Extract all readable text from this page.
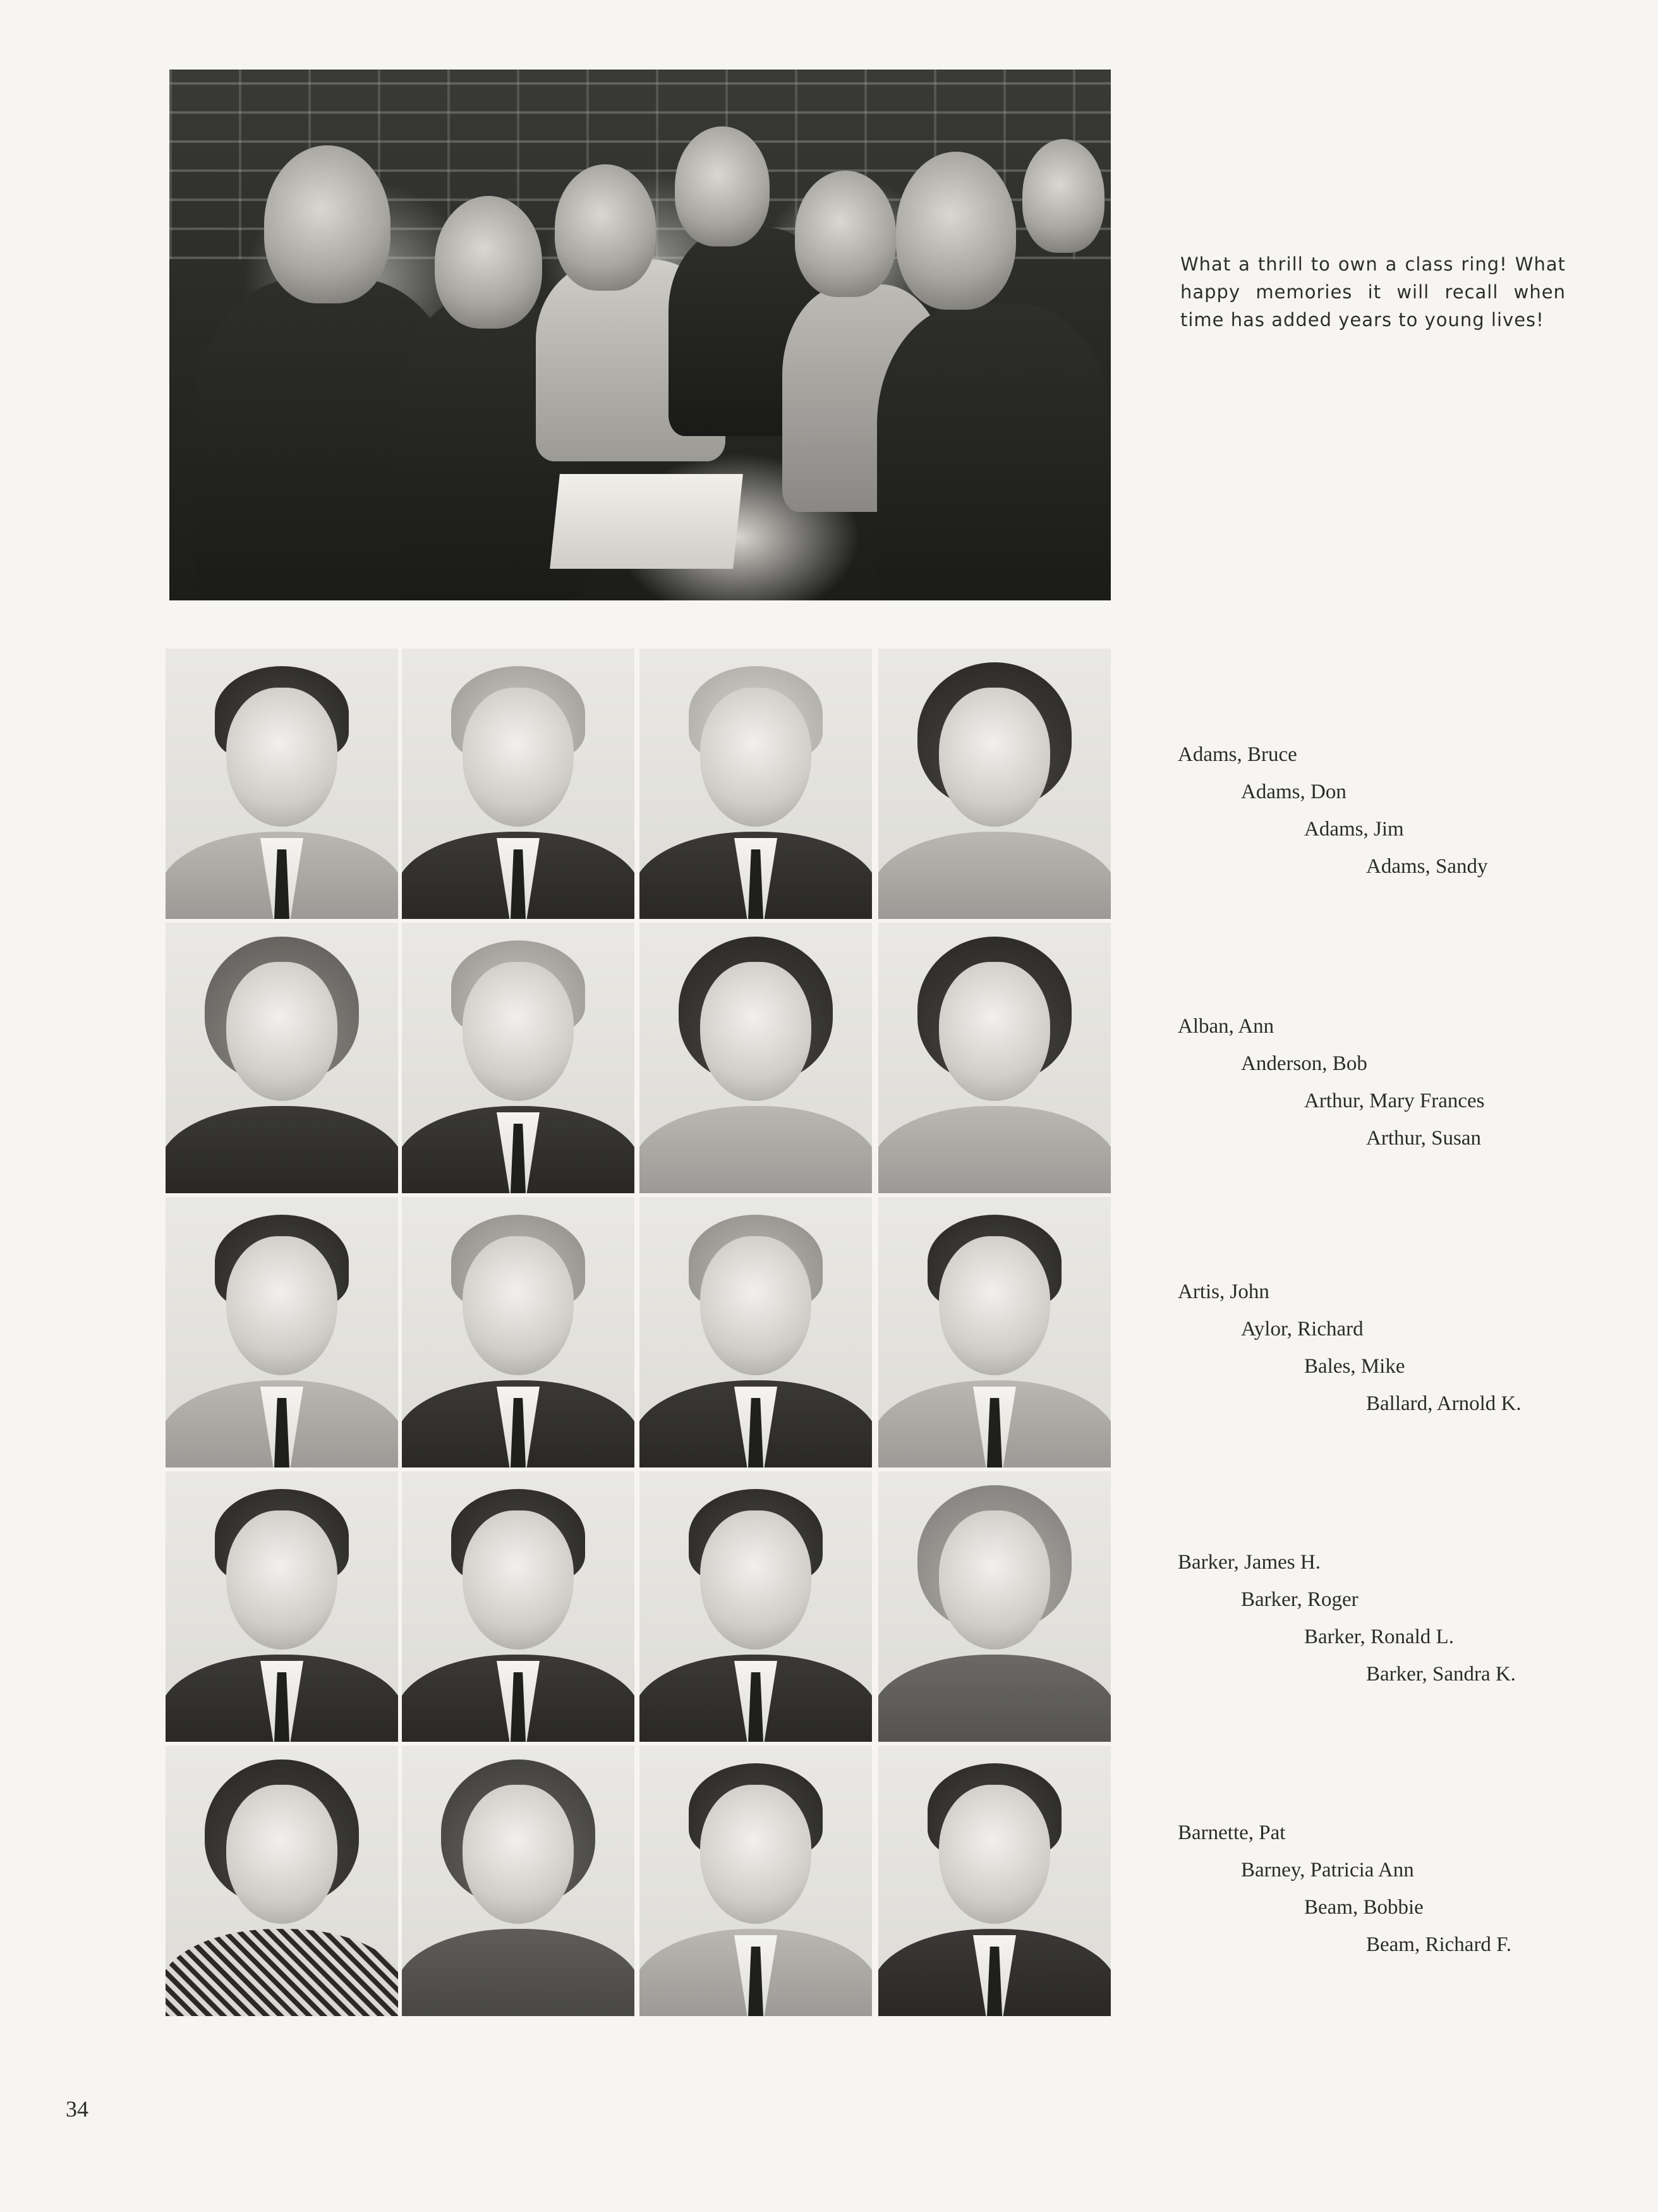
What a thrill to own a class ring! What happy memories it will recall when time has added years to young lives!
Adams, Bruce
Adams, Don
Adams, Jim
Adams, Sandy
Alban, Ann
Anderson, Bob
Arthur, Mary Frances
Arthur, Susan
Artis, John
Aylor, Richard
Bales, Mike
Ballard, Arnold K.
Barker, James H.
Barker, Roger
Barker, Ronald L.
Barker, Sandra K.
Barnette, Pat
Barney, Patricia Ann
Beam, Bobbie
Beam, Richard F.
34
